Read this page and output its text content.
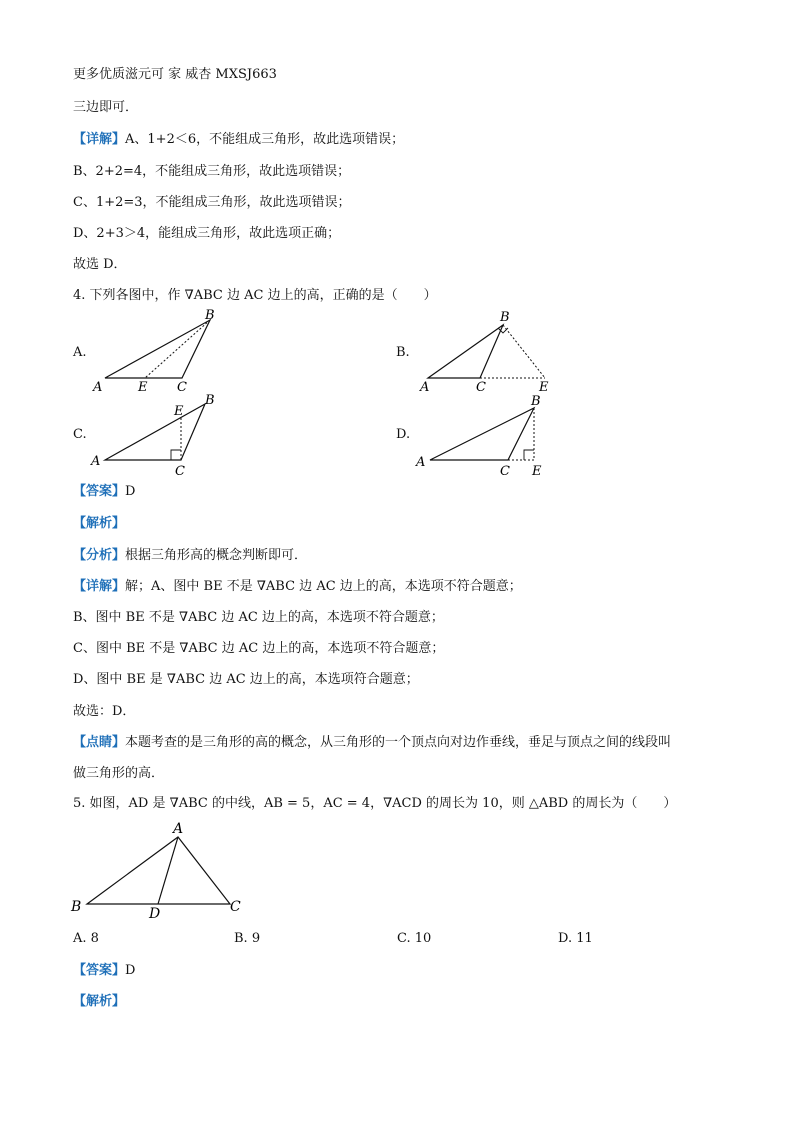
更多优质滋元可 家 威杏 MXSJ663
三边即可．
【详解】A、1+2＜6，不能组成三角形，故此选项错误；
B、2+2=4，不能组成三角形，故此选项错误；
C、1+2=3，不能组成三角形，故此选项错误；
D、2+3＞4，能组成三角形，故此选项正确；
故选 D．
4. 下列各图中，作 ∇ABC 边 AC 边上的高，正确的是（　　）
A.	B.
C.	D.
A
B
C
E	A
B
C	E
A
B
C
E
A
B
C E
【答案】D
【解析】
【分析】根据三角形高的概念判断即可．
【详解】解；A、图中 BE 不是 ∇ABC 边 AC 边上的高，本选项不符合题意；
B、图中 BE 不是 ∇ABC 边 AC 边上的高，本选项不符合题意；
C、图中 BE 不是 ∇ABC 边 AC 边上的高，本选项不符合题意；
D、图中 BE 是 ∇ABC 边 AC 边上的高，本选项符合题意；
故选：D．
【点睛】本题考查的是三角形的高的概念，从三角形的一个顶点向对边作垂线，垂足与顶点之间的线段叫
做三角形的高．
5. 如图，AD 是 ∇ABC 的中线，AB = 5，AC = 4，∇ACD 的周长为 10，则 △ABD 的周长为（　　）
A
B	C
D
A. 8	B. 9	C. 10	D. 11
【答案】D
【解析】
